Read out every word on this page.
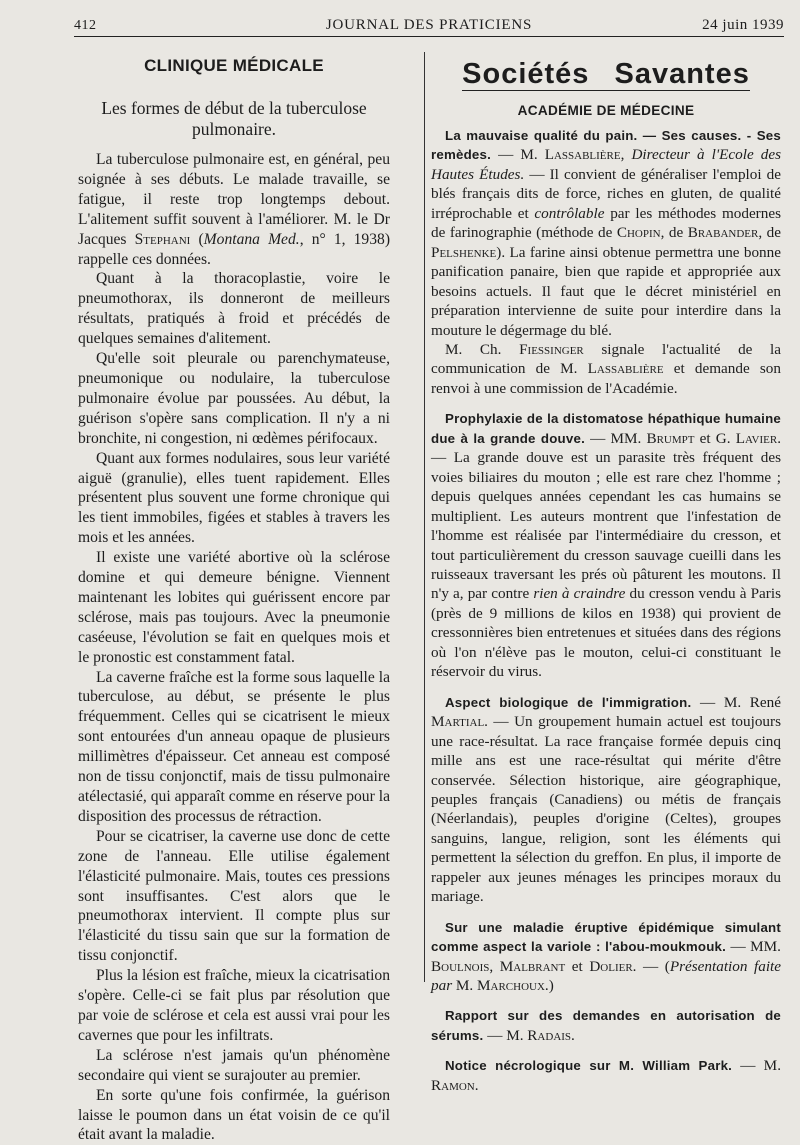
412	JOURNAL DES PRATICIENS	24 juin 1939
CLINIQUE MÉDICALE
Les formes de début de la tuberculose pulmonaire.

La tuberculose pulmonaire est, en général, peu soignée à ses débuts. Le malade travaille, se fatigue, il reste trop longtemps debout. L'alitement suffit souvent à l'améliorer. M. le Dr Jacques Stephani (Montana Med., n° 1, 1938) rappelle ces données.

Quant à la thoracoplastie, voire le pneumothorax, ils donneront de meilleurs résultats, pratiqués à froid et précédés de quelques semaines d'alitement.

Qu'elle soit pleurale ou parenchymateuse, pneumonique ou nodulaire, la tuberculose pulmonaire évolue par poussées. Au début, la guérison s'opère sans complication. Il n'y a ni bronchite, ni congestion, ni œdèmes périfocaux.

Quant aux formes nodulaires, sous leur variété aiguë (granulie), elles tuent rapidement. Elles présentent plus souvent une forme chronique qui les tient immobiles, figées et stables à travers les mois et les années.

Il existe une variété abortive où la sclérose domine et qui demeure bénigne. Viennent maintenant les lobites qui guérissent encore par sclérose, mais pas toujours. Avec la pneumonie caséeuse, l'évolution se fait en quelques mois et le pronostic est constamment fatal.

La caverne fraîche est la forme sous laquelle la tuberculose, au début, se présente le plus fréquemment. Celles qui se cicatrisent le mieux sont entourées d'un anneau opaque de plusieurs millimètres d'épaisseur. Cet anneau est composé non de tissu conjonctif, mais de tissu pulmonaire atélectasié, qui apparaît comme en réserve pour la disposition des processus de rétraction.

Pour se cicatriser, la caverne use donc de cette zone de l'anneau. Elle utilise également l'élasticité pulmonaire. Mais, toutes ces pressions sont insuffisantes. C'est alors que le pneumothorax intervient. Il compte plus sur l'élasticité du tissu sain que sur la formation de tissu conjonctif.

Plus la lésion est fraîche, mieux la cicatrisation s'opère. Celle-ci se fait plus par résolution que par voie de sclérose et cela est aussi vrai pour les cavernes que pour les infiltrats.

La sclérose n'est jamais qu'un phénomène secondaire qui vient se surajouter au premier.

En sorte qu'une fois confirmée, la guérison laisse le poumon dans un état voisin de ce qu'il était avant la maladie.

Sociétés Savantes
ACADÉMIE DE MÉDECINE

La mauvaise qualité du pain. — Ses causes. - Ses remèdes. — M. Lassablière, Directeur à l'Ecole des Hautes Études. — Il convient de généraliser l'emploi de blés français dits de force, riches en gluten, de qualité irréprochable et contrôlable par les méthodes modernes de farinographie (méthode de Chopin, de Brabander, de Pelshenke). La farine ainsi obtenue permettra une bonne panification panaire, bien que rapide et appropriée aux besoins actuels. Il faut que le décret ministériel en préparation intervienne de suite pour interdire dans la mouture le dégermage du blé.

M. Ch. Fiessinger signale l'actualité de la communication de M. Lassablière et demande son renvoi à une commission de l'Académie.

Prophylaxie de la distomatose hépathique humaine due à la grande douve. — MM. Brumpt et G. Lavier. — La grande douve est un parasite très fréquent des voies biliaires du mouton ; elle est rare chez l'homme ; depuis quelques années cependant les cas humains se multiplient. Les auteurs montrent que l'infestation de l'homme est réalisée par l'intermédiaire du cresson, et tout particulièrement du cresson sauvage cueilli dans les ruisseaux traversant les prés où pâturent les moutons. Il n'y a, par contre rien à craindre du cresson vendu à Paris (près de 9 millions de kilos en 1938) qui provient de cressonnières bien entretenues et situées dans des régions où l'on n'élève pas le mouton, celui-ci constituant le réservoir du virus.

Aspect biologique de l'immigration. — M. René Martial. — Un groupement humain actuel est toujours une race-résultat. La race française formée depuis cinq mille ans est une race-résultat qui mérite d'être conservée. Sélection historique, aire géographique, peuples français (Canadiens) ou métis de français (Néerlandais), peuples d'origine (Celtes), groupes sanguins, langue, religion, sont les éléments qui permettent la sélection du greffon. En plus, il importe de rappeler aux jeunes ménages les principes moraux du mariage.

Sur une maladie éruptive épidémique simulant comme aspect la variole : l'abou-moukmouk. — MM. Boulnois, Malbrant et Dolier. — (Présentation faite par M. Marchoux.)

Rapport sur des demandes en autorisation de sérums. — M. Radais.

Notice nécrologique sur M. William Park. — M. Ramon.
